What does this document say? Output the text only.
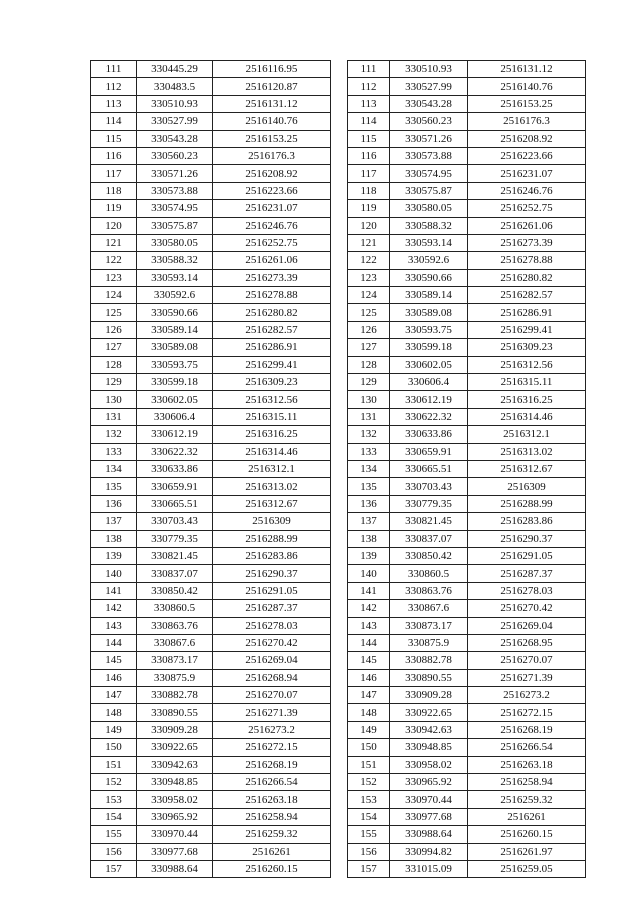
111	330445.29	2516116.95
112	330483.5	2516120.87
113	330510.93	2516131.12
114	330527.99	2516140.76
115	330543.28	2516153.25
116	330560.23	2516176.3
117	330571.26	2516208.92
118	330573.88	2516223.66
119	330574.95	2516231.07
120	330575.87	2516246.76
121	330580.05	2516252.75
122	330588.32	2516261.06
123	330593.14	2516273.39
124	330592.6	2516278.88
125	330590.66	2516280.82
126	330589.14	2516282.57
127	330589.08	2516286.91
128	330593.75	2516299.41
129	330599.18	2516309.23
130	330602.05	2516312.56
131	330606.4	2516315.11
132	330612.19	2516316.25
133	330622.32	2516314.46
134	330633.86	2516312.1
135	330659.91	2516313.02
136	330665.51	2516312.67
137	330703.43	2516309
138	330779.35	2516288.99
139	330821.45	2516283.86
140	330837.07	2516290.37
141	330850.42	2516291.05
142	330860.5	2516287.37
143	330863.76	2516278.03
144	330867.6	2516270.42
145	330873.17	2516269.04
146	330875.9	2516268.94
147	330882.78	2516270.07
148	330890.55	2516271.39
149	330909.28	2516273.2
150	330922.65	2516272.15
151	330942.63	2516268.19
152	330948.85	2516266.54
153	330958.02	2516263.18
154	330965.92	2516258.94
155	330970.44	2516259.32
156	330977.68	2516261
157	330988.64	2516260.15
111	330510.93	2516131.12
112	330527.99	2516140.76
113	330543.28	2516153.25
114	330560.23	2516176.3
115	330571.26	2516208.92
116	330573.88	2516223.66
117	330574.95	2516231.07
118	330575.87	2516246.76
119	330580.05	2516252.75
120	330588.32	2516261.06
121	330593.14	2516273.39
122	330592.6	2516278.88
123	330590.66	2516280.82
124	330589.14	2516282.57
125	330589.08	2516286.91
126	330593.75	2516299.41
127	330599.18	2516309.23
128	330602.05	2516312.56
129	330606.4	2516315.11
130	330612.19	2516316.25
131	330622.32	2516314.46
132	330633.86	2516312.1
133	330659.91	2516313.02
134	330665.51	2516312.67
135	330703.43	2516309
136	330779.35	2516288.99
137	330821.45	2516283.86
138	330837.07	2516290.37
139	330850.42	2516291.05
140	330860.5	2516287.37
141	330863.76	2516278.03
142	330867.6	2516270.42
143	330873.17	2516269.04
144	330875.9	2516268.95
145	330882.78	2516270.07
146	330890.55	2516271.39
147	330909.28	2516273.2
148	330922.65	2516272.15
149	330942.63	2516268.19
150	330948.85	2516266.54
151	330958.02	2516263.18
152	330965.92	2516258.94
153	330970.44	2516259.32
154	330977.68	2516261
155	330988.64	2516260.15
156	330994.82	2516261.97
157	331015.09	2516259.05
